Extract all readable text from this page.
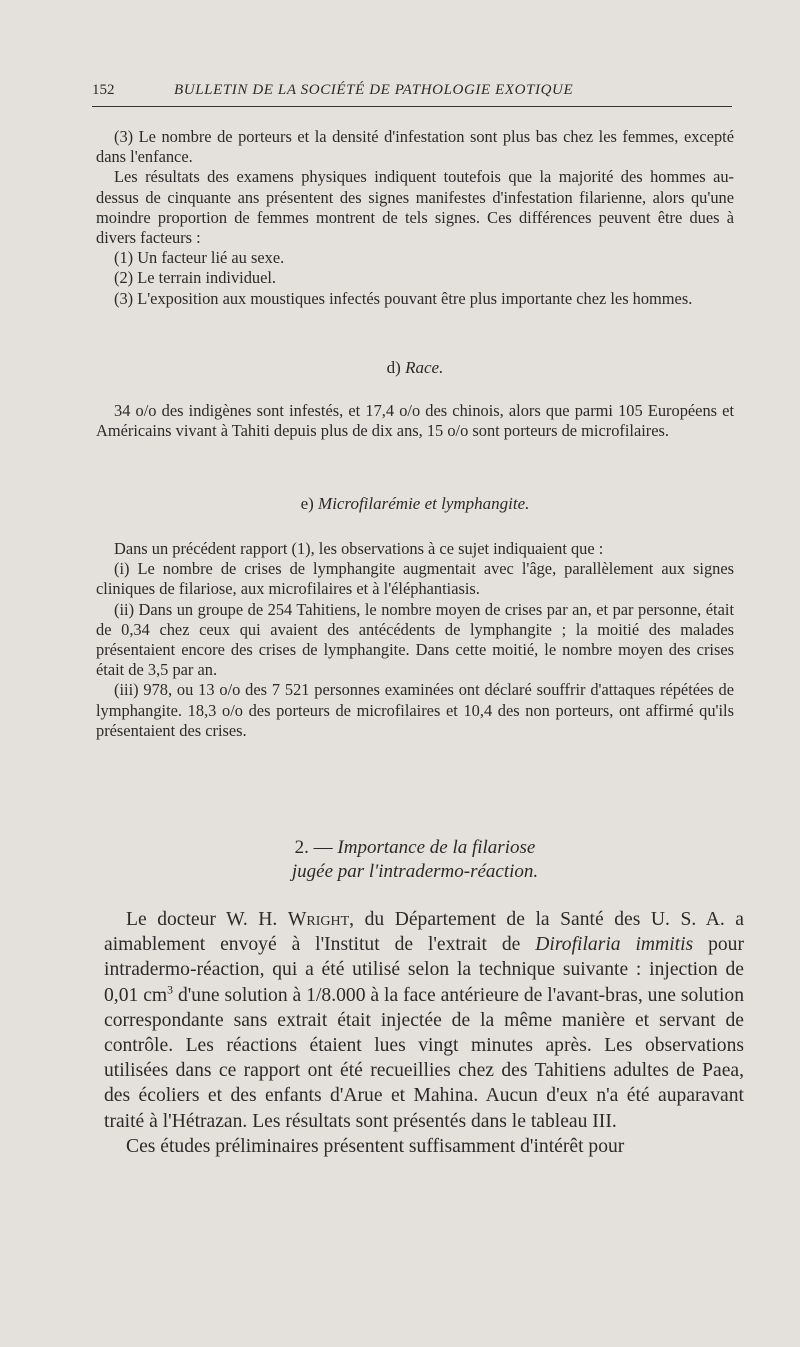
152	BULLETIN DE LA SOCIÉTÉ DE PATHOLOGIE EXOTIQUE

(3) Le nombre de porteurs et la densité d'infestation sont plus bas chez les femmes, excepté dans l'enfance.

Les résultats des examens physiques indiquent toutefois que la majorité des hommes au-dessus de cinquante ans présentent des signes manifestes d'infestation filarienne, alors qu'une moindre proportion de femmes montrent de tels signes. Ces différences peuvent être dues à divers facteurs :

(1) Un facteur lié au sexe.

(2) Le terrain individuel.

(3) L'exposition aux moustiques infectés pouvant être plus importante chez les hommes.

d) Race.

34 o/o des indigènes sont infestés, et 17,4 o/o des chinois, alors que parmi 105 Européens et Américains vivant à Tahiti depuis plus de dix ans, 15 o/o sont porteurs de microfilaires.

e) Microfilarémie et lymphangite.

Dans un précédent rapport (1), les observations à ce sujet indiquaient que :

(i) Le nombre de crises de lymphangite augmentait avec l'âge, parallèlement aux signes cliniques de filariose, aux microfilaires et à l'éléphantiasis.

(ii) Dans un groupe de 254 Tahitiens, le nombre moyen de crises par an, et par personne, était de 0,34 chez ceux qui avaient des antécédents de lymphangite ; la moitié des malades présentaient encore des crises de lymphangite. Dans cette moitié, le nombre moyen des crises était de 3,5 par an.

(iii) 978, ou 13 o/o des 7 521 personnes examinées ont déclaré souffrir d'attaques répétées de lymphangite. 18,3 o/o des porteurs de microfilaires et 10,4 des non porteurs, ont affirmé qu'ils présentaient des crises.

2. — Importance de la filariose
jugée par l'intradermo-réaction.

Le docteur W. H. Wright, du Département de la Santé des U. S. A. a aimablement envoyé à l'Institut de l'extrait de Dirofilaria immitis pour intradermo-réaction, qui a été utilisé selon la technique suivante : injection de 0,01 $cm^3$ d'une solution à 1/8.000 à la face antérieure de l'avant-bras, une solution correspondante sans extrait était injectée de la même manière et servant de contrôle. Les réactions étaient lues vingt minutes après. Les observations utilisées dans ce rapport ont été recueillies chez des Tahitiens adultes de Paea, des écoliers et des enfants d'Arue et Mahina. Aucun d'eux n'a été auparavant traité à l'Hétrazan. Les résultats sont présentés dans le tableau III.

Ces études préliminaires présentent suffisamment d'intérêt pour
